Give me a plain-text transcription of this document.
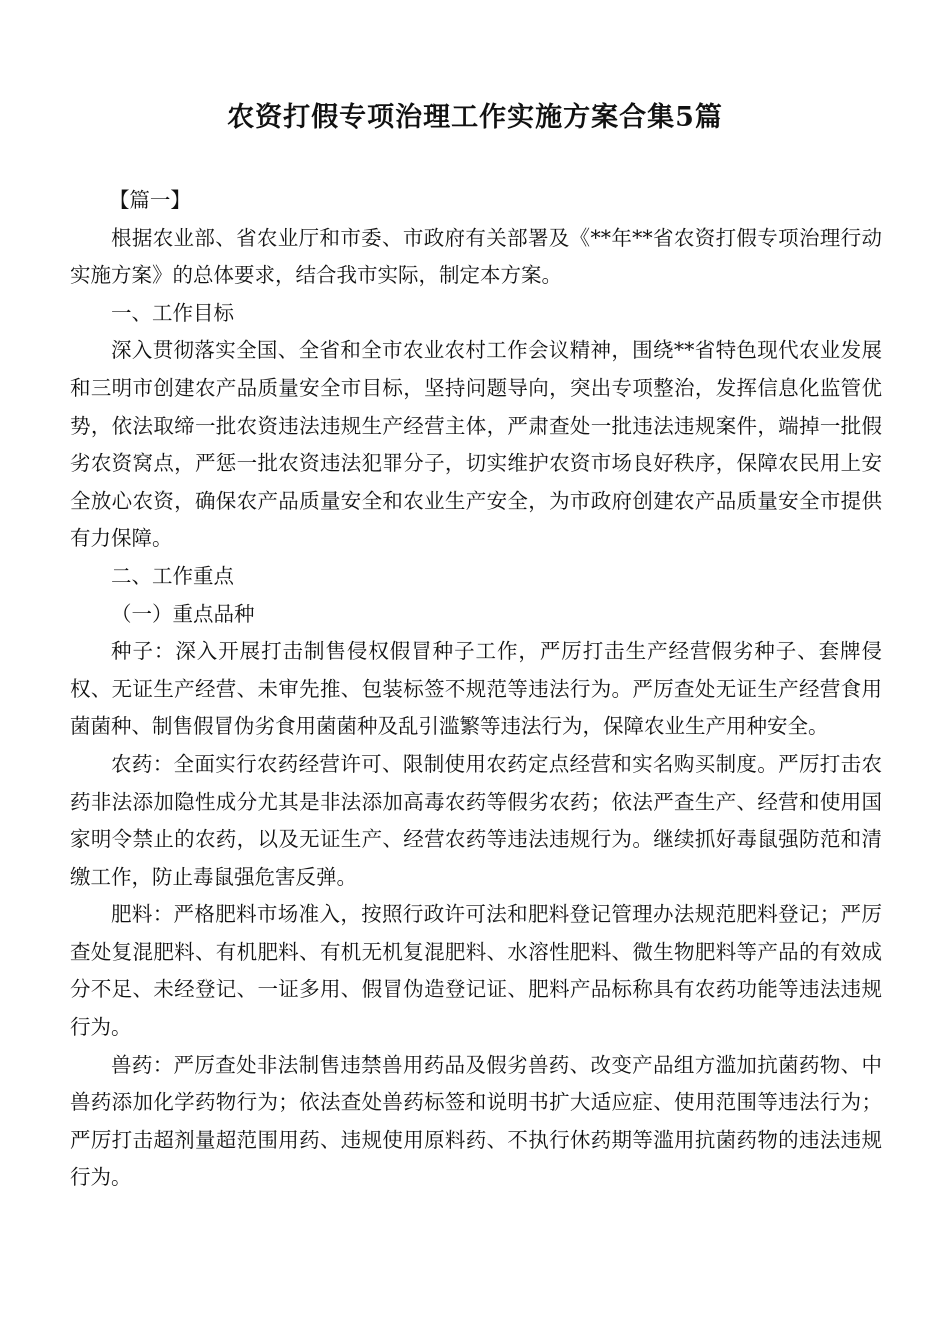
农资打假专项治理工作实施方案合集5篇

【篇一】

根据农业部、省农业厅和市委、市政府有关部署及《**年**省农资打假专项治理行动实施方案》的总体要求，结合我市实际，制定本方案。

一、工作目标

深入贯彻落实全国、全省和全市农业农村工作会议精神，围绕**省特色现代农业发展和三明市创建农产品质量安全市目标，坚持问题导向，突出专项整治，发挥信息化监管优势，依法取缔一批农资违法违规生产经营主体，严肃查处一批违法违规案件，端掉一批假劣农资窝点，严惩一批农资违法犯罪分子，切实维护农资市场良好秩序，保障农民用上安全放心农资，确保农产品质量安全和农业生产安全，为市政府创建农产品质量安全市提供有力保障。

二、工作重点

（一）重点品种

种子：深入开展打击制售侵权假冒种子工作，严厉打击生产经营假劣种子、套牌侵权、无证生产经营、未审先推、包装标签不规范等违法行为。严厉查处无证生产经营食用菌菌种、制售假冒伪劣食用菌菌种及乱引滥繁等违法行为，保障农业生产用种安全。

农药：全面实行农药经营许可、限制使用农药定点经营和实名购买制度。严厉打击农药非法添加隐性成分尤其是非法添加高毒农药等假劣农药；依法严查生产、经营和使用国家明令禁止的农药，以及无证生产、经营农药等违法违规行为。继续抓好毒鼠强防范和清缴工作，防止毒鼠强危害反弹。

肥料：严格肥料市场准入，按照行政许可法和肥料登记管理办法规范肥料登记；严厉查处复混肥料、有机肥料、有机无机复混肥料、水溶性肥料、微生物肥料等产品的有效成分不足、未经登记、一证多用、假冒伪造登记证、肥料产品标称具有农药功能等违法违规行为。

兽药：严厉查处非法制售违禁兽用药品及假劣兽药、改变产品组方滥加抗菌药物、中兽药添加化学药物行为；依法查处兽药标签和说明书扩大适应症、使用范围等违法行为；严厉打击超剂量超范围用药、违规使用原料药、不执行休药期等滥用抗菌药物的违法违规行为。
